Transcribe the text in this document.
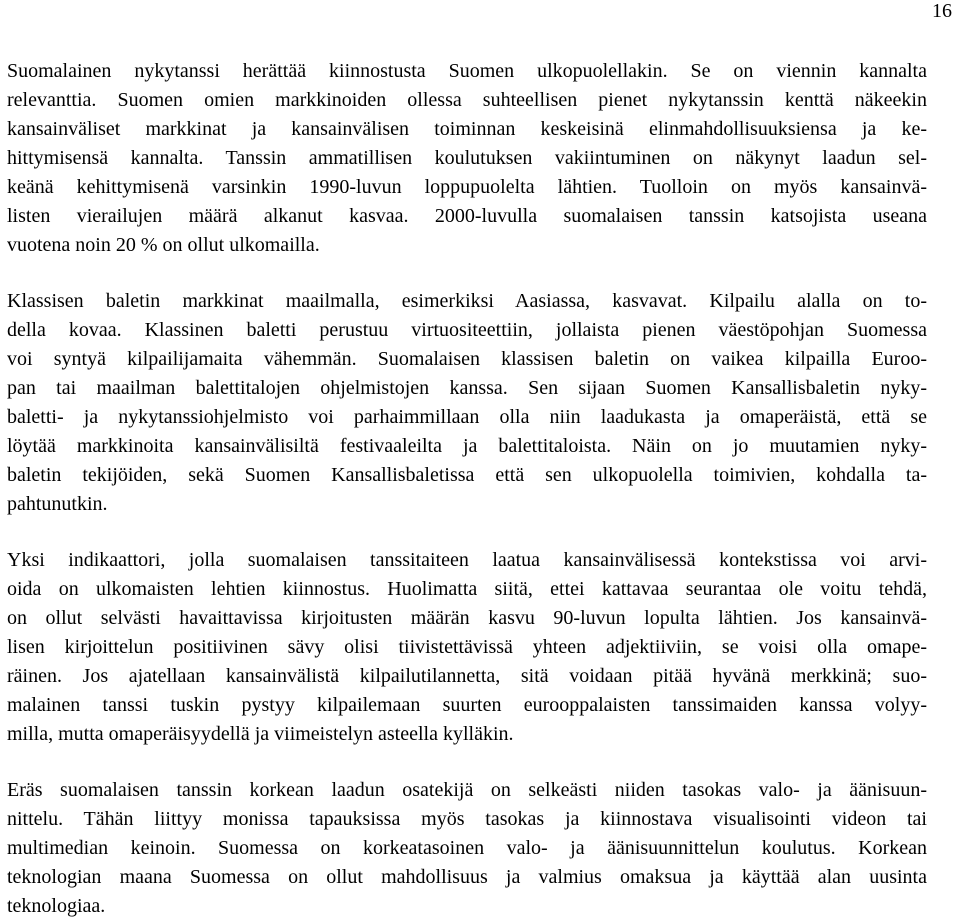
16
Suomalainen nykytanssi herättää kiinnostusta Suomen ulkopuolellakin. Se on viennin kannalta
relevanttia. Suomen omien markkinoiden ollessa suhteellisen pienet nykytanssin kenttä näkeekin
kansainväliset markkinat ja kansainvälisen toiminnan keskeisinä elinmahdollisuuksiensa ja ke-
hittymisensä kannalta. Tanssin ammatillisen koulutuksen vakiintuminen on näkynyt laadun sel-
keänä kehittymisenä varsinkin 1990-luvun loppupuolelta lähtien. Tuolloin on myös kansainvä-
listen vierailujen määrä alkanut kasvaa. 2000-luvulla suomalaisen tanssin katsojista useana
vuotena noin 20 % on ollut ulkomailla.
Klassisen baletin markkinat maailmalla, esimerkiksi Aasiassa, kasvavat. Kilpailu alalla on to-
della kovaa. Klassinen baletti perustuu virtuositeettiin, jollaista pienen väestöpohjan Suomessa
voi syntyä kilpailijamaita vähemmän. Suomalaisen klassisen baletin on vaikea kilpailla Euroo-
pan tai maailman balettitalojen ohjelmistojen kanssa. Sen sijaan Suomen Kansallisbaletin nyky-
baletti- ja nykytanssiohjelmisto voi parhaimmillaan olla niin laadukasta ja omaperäistä, että se
löytää markkinoita kansainvälisiltä festivaaleilta ja balettitaloista. Näin on jo muutamien nyky-
baletin tekijöiden, sekä Suomen Kansallisbaletissa että sen ulkopuolella toimivien, kohdalla ta-
pahtunutkin.
Yksi indikaattori, jolla suomalaisen tanssitaiteen laatua kansainvälisessä kontekstissa voi arvi-
oida on ulkomaisten lehtien kiinnostus. Huolimatta siitä, ettei kattavaa seurantaa ole voitu tehdä,
on ollut selvästi havaittavissa kirjoitusten määrän kasvu 90-luvun lopulta lähtien. Jos kansainvä-
lisen kirjoittelun positiivinen sävy olisi tiivistettävissä yhteen adjektiiviin, se voisi olla omape-
räinen. Jos ajatellaan kansainvälistä kilpailutilannetta, sitä voidaan pitää hyvänä merkkinä; suo-
malainen tanssi tuskin pystyy kilpailemaan suurten eurooppalaisten tanssimaiden kanssa volyy-
milla, mutta omaperäisyydellä ja viimeistelyn asteella kylläkin.
Eräs suomalaisen tanssin korkean laadun osatekijä on selkeästi niiden tasokas valo- ja äänisuun-
nittelu. Tähän liittyy monissa tapauksissa myös tasokas ja kiinnostava visualisointi videon tai
multimedian keinoin. Suomessa on korkeatasoinen valo- ja äänisuunnittelun koulutus. Korkean
teknologian maana Suomessa on ollut mahdollisuus ja valmius omaksua ja käyttää alan uusinta
teknologiaa.
